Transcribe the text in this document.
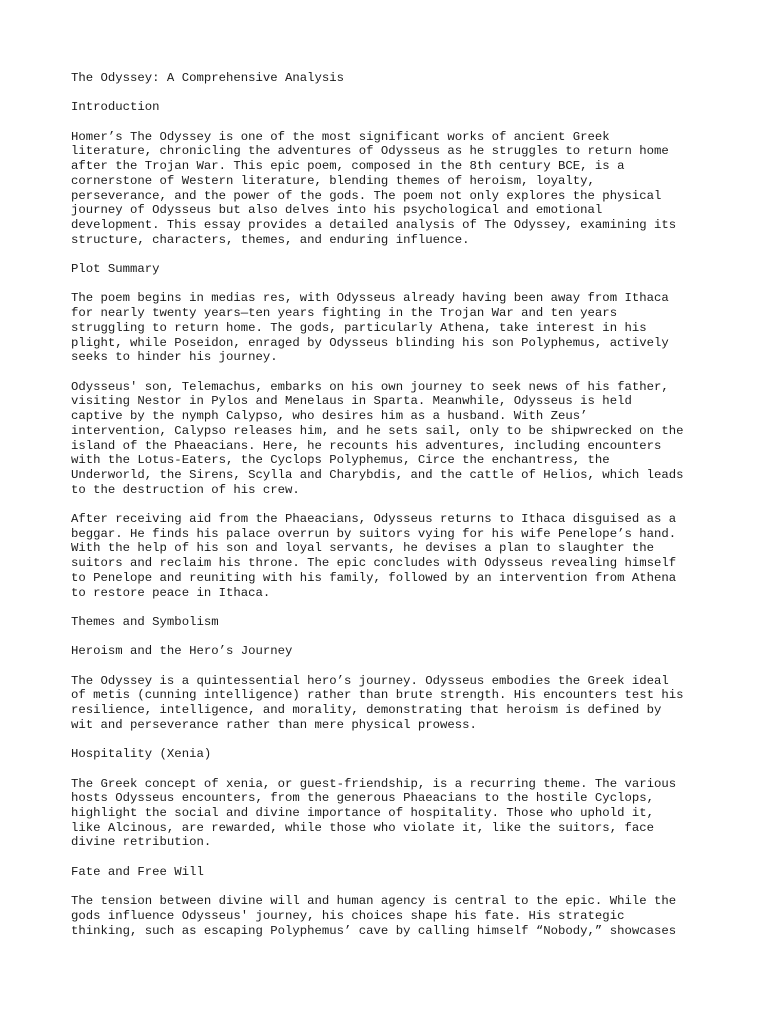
The Odyssey: A Comprehensive Analysis
Introduction
Homer’s The Odyssey is one of the most significant works of ancient Greek
literature, chronicling the adventures of Odysseus as he struggles to return home
after the Trojan War. This epic poem, composed in the 8th century BCE, is a
cornerstone of Western literature, blending themes of heroism, loyalty,
perseverance, and the power of the gods. The poem not only explores the physical
journey of Odysseus but also delves into his psychological and emotional
development. This essay provides a detailed analysis of The Odyssey, examining its
structure, characters, themes, and enduring influence.
Plot Summary
The poem begins in medias res, with Odysseus already having been away from Ithaca
for nearly twenty years—ten years fighting in the Trojan War and ten years
struggling to return home. The gods, particularly Athena, take interest in his
plight, while Poseidon, enraged by Odysseus blinding his son Polyphemus, actively
seeks to hinder his journey.
Odysseus' son, Telemachus, embarks on his own journey to seek news of his father,
visiting Nestor in Pylos and Menelaus in Sparta. Meanwhile, Odysseus is held
captive by the nymph Calypso, who desires him as a husband. With Zeus’
intervention, Calypso releases him, and he sets sail, only to be shipwrecked on the
island of the Phaeacians. Here, he recounts his adventures, including encounters
with the Lotus-Eaters, the Cyclops Polyphemus, Circe the enchantress, the
Underworld, the Sirens, Scylla and Charybdis, and the cattle of Helios, which leads
to the destruction of his crew.
After receiving aid from the Phaeacians, Odysseus returns to Ithaca disguised as a
beggar. He finds his palace overrun by suitors vying for his wife Penelope’s hand.
With the help of his son and loyal servants, he devises a plan to slaughter the
suitors and reclaim his throne. The epic concludes with Odysseus revealing himself
to Penelope and reuniting with his family, followed by an intervention from Athena
to restore peace in Ithaca.
Themes and Symbolism
Heroism and the Hero’s Journey
The Odyssey is a quintessential hero’s journey. Odysseus embodies the Greek ideal
of metis (cunning intelligence) rather than brute strength. His encounters test his
resilience, intelligence, and morality, demonstrating that heroism is defined by
wit and perseverance rather than mere physical prowess.
Hospitality (Xenia)
The Greek concept of xenia, or guest-friendship, is a recurring theme. The various
hosts Odysseus encounters, from the generous Phaeacians to the hostile Cyclops,
highlight the social and divine importance of hospitality. Those who uphold it,
like Alcinous, are rewarded, while those who violate it, like the suitors, face
divine retribution.
Fate and Free Will
The tension between divine will and human agency is central to the epic. While the
gods influence Odysseus' journey, his choices shape his fate. His strategic
thinking, such as escaping Polyphemus’ cave by calling himself “Nobody,” showcases
